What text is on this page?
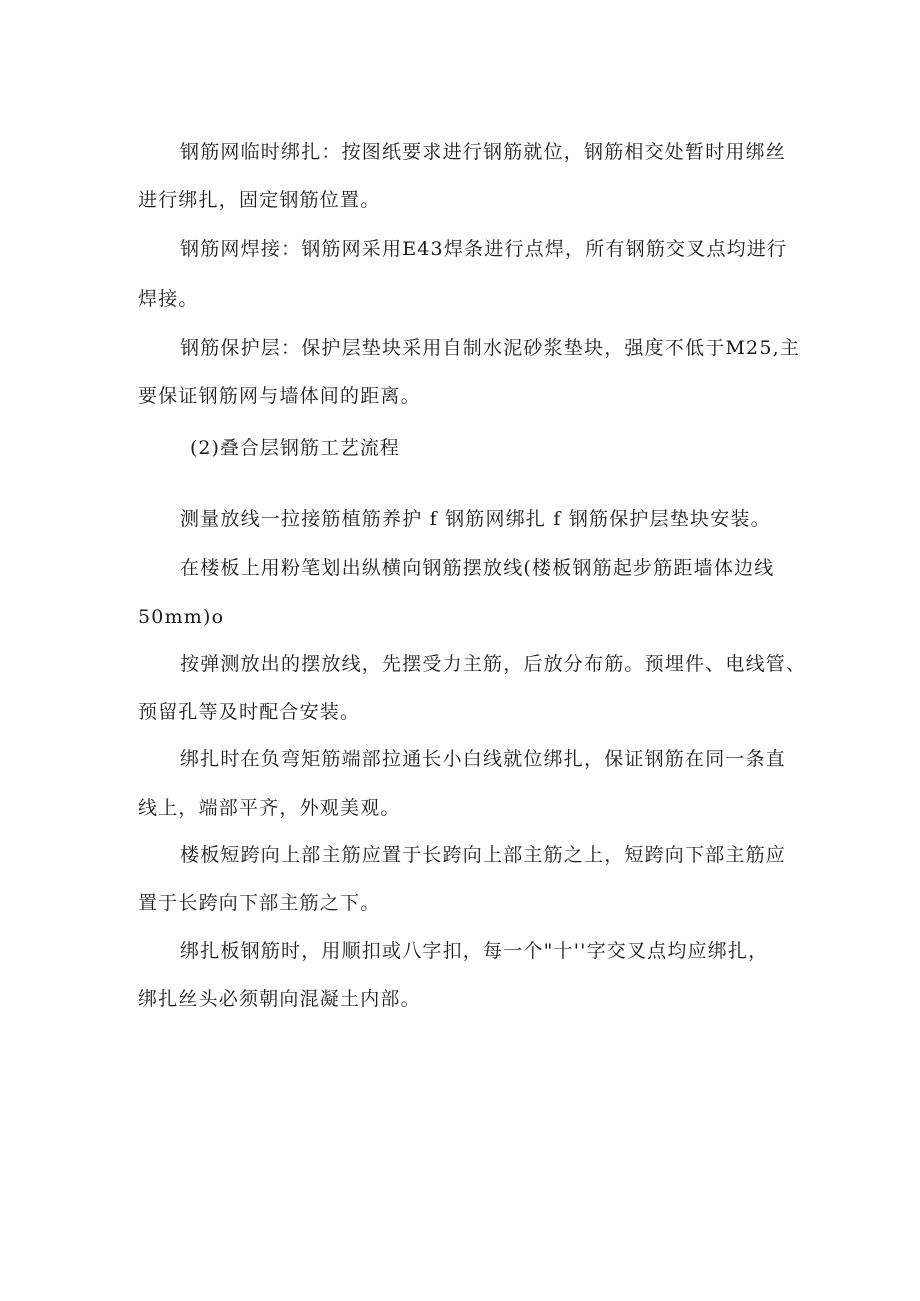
钢筋网临时绑扎：按图纸要求进行钢筋就位，钢筋相交处暂时用绑丝
进行绑扎，固定钢筋位置。
钢筋网焊接：钢筋网采用E43焊条进行点焊，所有钢筋交叉点均进行
焊接。
钢筋保护层：保护层垫块采用自制水泥砂浆垫块，强度不低于M25,主
要保证钢筋网与墙体间的距离。
(2)叠合层钢筋工艺流程
测量放线一拉接筋植筋养护 f 钢筋网绑扎 f 钢筋保护层垫块安装。
在楼板上用粉笔划出纵横向钢筋摆放线(楼板钢筋起步筋距墙体边线
50mm)o
按弹测放出的摆放线，先摆受力主筋，后放分布筋。预埋件、电线管、
预留孔等及时配合安装。
绑扎时在负弯矩筋端部拉通长小白线就位绑扎，保证钢筋在同一条直
线上，端部平齐，外观美观。
楼板短跨向上部主筋应置于长跨向上部主筋之上，短跨向下部主筋应
置于长跨向下部主筋之下。
绑扎板钢筋时，用顺扣或八字扣，每一个"十''字交叉点均应绑扎，
绑扎丝头必须朝向混凝土内部。
